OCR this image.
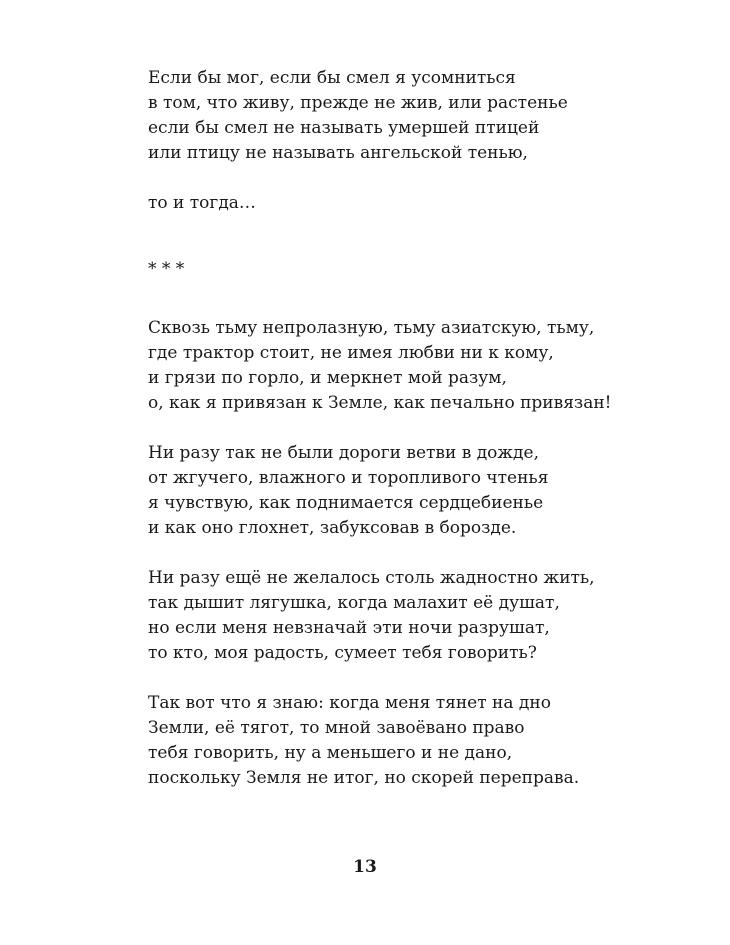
Если бы мог, если бы смел я усомниться
в том, что живу, прежде не жив, или растенье
если бы смел не называть умершей птицей
или птицу не называть ангельской тенью,
то и тогда…
* * *
Сквозь тьму непролазную, тьму азиатскую, тьму,
где трактор стоит, не имея любви ни к кому,
и грязи по горло, и меркнет мой разум,
о, как я привязан к Земле, как печально привязан!
Ни разу так не были дороги ветви в дожде,
от жгучего, влажного и торопливого чтенья
я чувствую, как поднимается сердцебиенье
и как оно глохнет, забуксовав в борозде.
Ни разу ещё не желалось столь жадностно жить,
так дышит лягушка, когда малахит её душат,
но если меня невзначай эти ночи разрушат,
то кто, моя радость, сумеет тебя говорить?
Так вот что я знаю: когда меня тянет на дно
Земли, её тягот, то мной завоёвано право
тебя говорить, ну а меньшего и не дано,
поскольку Земля не итог, но скорей переправа.
13
